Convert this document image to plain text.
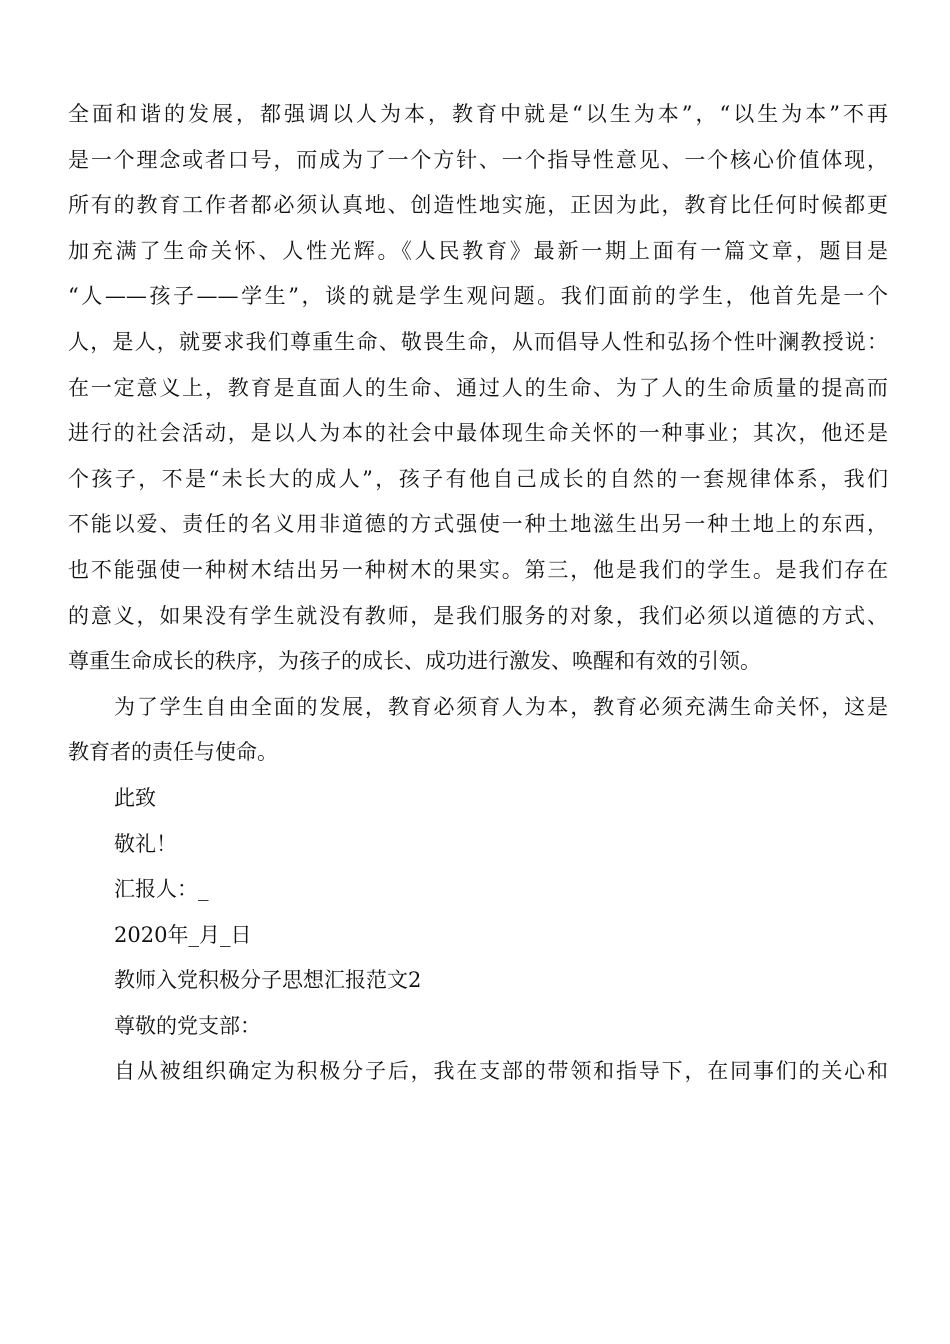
全面和谐的发展，都强调以人为本，教育中就是“以生为本”，“以生为本”不再
是一个理念或者口号，而成为了一个方针、一个指导性意见、一个核心价值体现，
所有的教育工作者都必须认真地、创造性地实施，正因为此，教育比任何时候都更
加充满了生命关怀、人性光辉。《人民教育》最新一期上面有一篇文章，题目是
“人——孩子——学生”，谈的就是学生观问题。我们面前的学生，他首先是一个
人，是人，就要求我们尊重生命、敬畏生命，从而倡导人性和弘扬个性叶澜教授说：
在一定意义上，教育是直面人的生命、通过人的生命、为了人的生命质量的提高而
进行的社会活动，是以人为本的社会中最体现生命关怀的一种事业；其次，他还是
个孩子，不是“未长大的成人”，孩子有他自己成长的自然的一套规律体系，我们
不能以爱、责任的名义用非道德的方式强使一种土地滋生出另一种土地上的东西，
也不能强使一种树木结出另一种树木的果实。第三，他是我们的学生。是我们存在
的意义，如果没有学生就没有教师，是我们服务的对象，我们必须以道德的方式、
尊重生命成长的秩序，为孩子的成长、成功进行激发、唤醒和有效的引领。
为了学生自由全面的发展，教育必须育人为本，教育必须充满生命关怀，这是
教育者的责任与使命。
此致
敬礼！
汇报人：_
2020年_月_日
教师入党积极分子思想汇报范文2
尊敬的党支部：
自从被组织确定为积极分子后，我在支部的带领和指导下，在同事们的关心和
